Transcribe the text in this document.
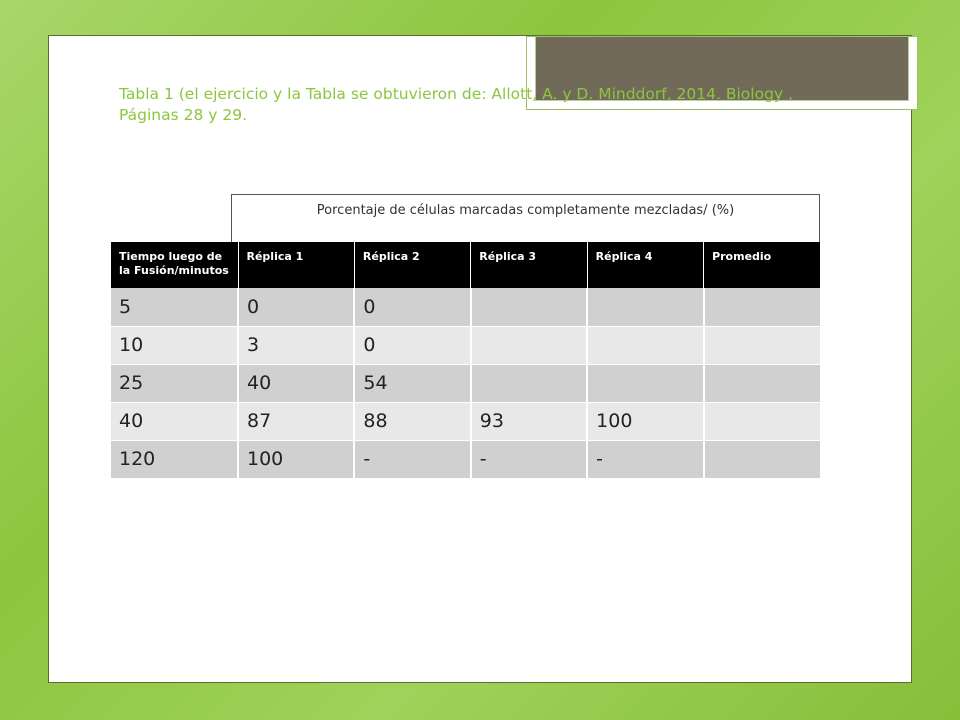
Tabla 1 (el ejercicio y la Tabla se obtuvieron de: Allott, A. y D. Minddorf, 2014. Biology , Páginas 28 y 29.

Porcentaje de células marcadas completamente mezcladas/ (%)
Tiempo luego de la Fusión/minutos	Réplica 1	Réplica 2	Réplica 3	Réplica 4	Promedio
5	0	0			
10	3	0			
25	40	54			
40	87	88	93	100	
120	100	-	-	-	
